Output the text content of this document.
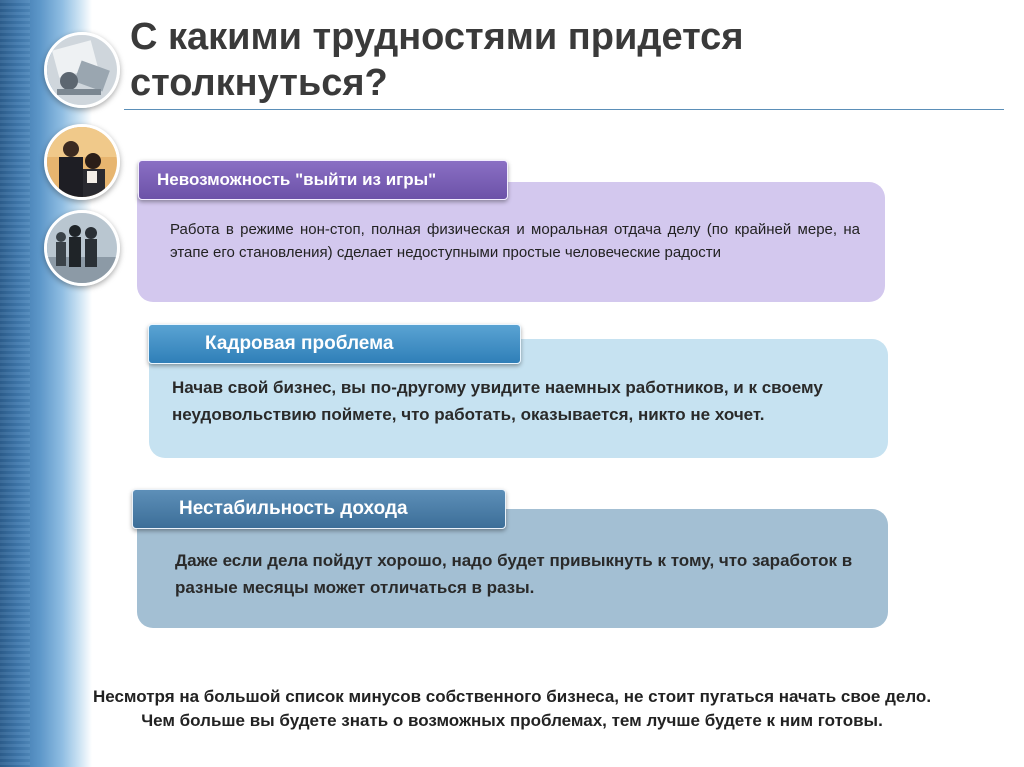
С какими трудностями придется столкнуться?
Невозможность "выйти из игры"

Работа в режиме нон-стоп, полная физическая и моральная отдача делу (по крайней мере, на этапе его становления) сделает недоступными простые человеческие радости

Кадровая проблема

Начав свой бизнес, вы по-другому увидите наемных работников, и к своему неудовольствию поймете, что работать, оказывается, никто не хочет.

Нестабильность дохода

Даже если дела пойдут хорошо, надо будет привыкнуть к тому, что заработок в разные месяцы может отличаться в разы.

Несмотря на большой список минусов собственного бизнеса, не стоит пугаться начать свое дело.
Чем больше вы будете знать о возможных проблемах, тем лучше будете к ним готовы.
